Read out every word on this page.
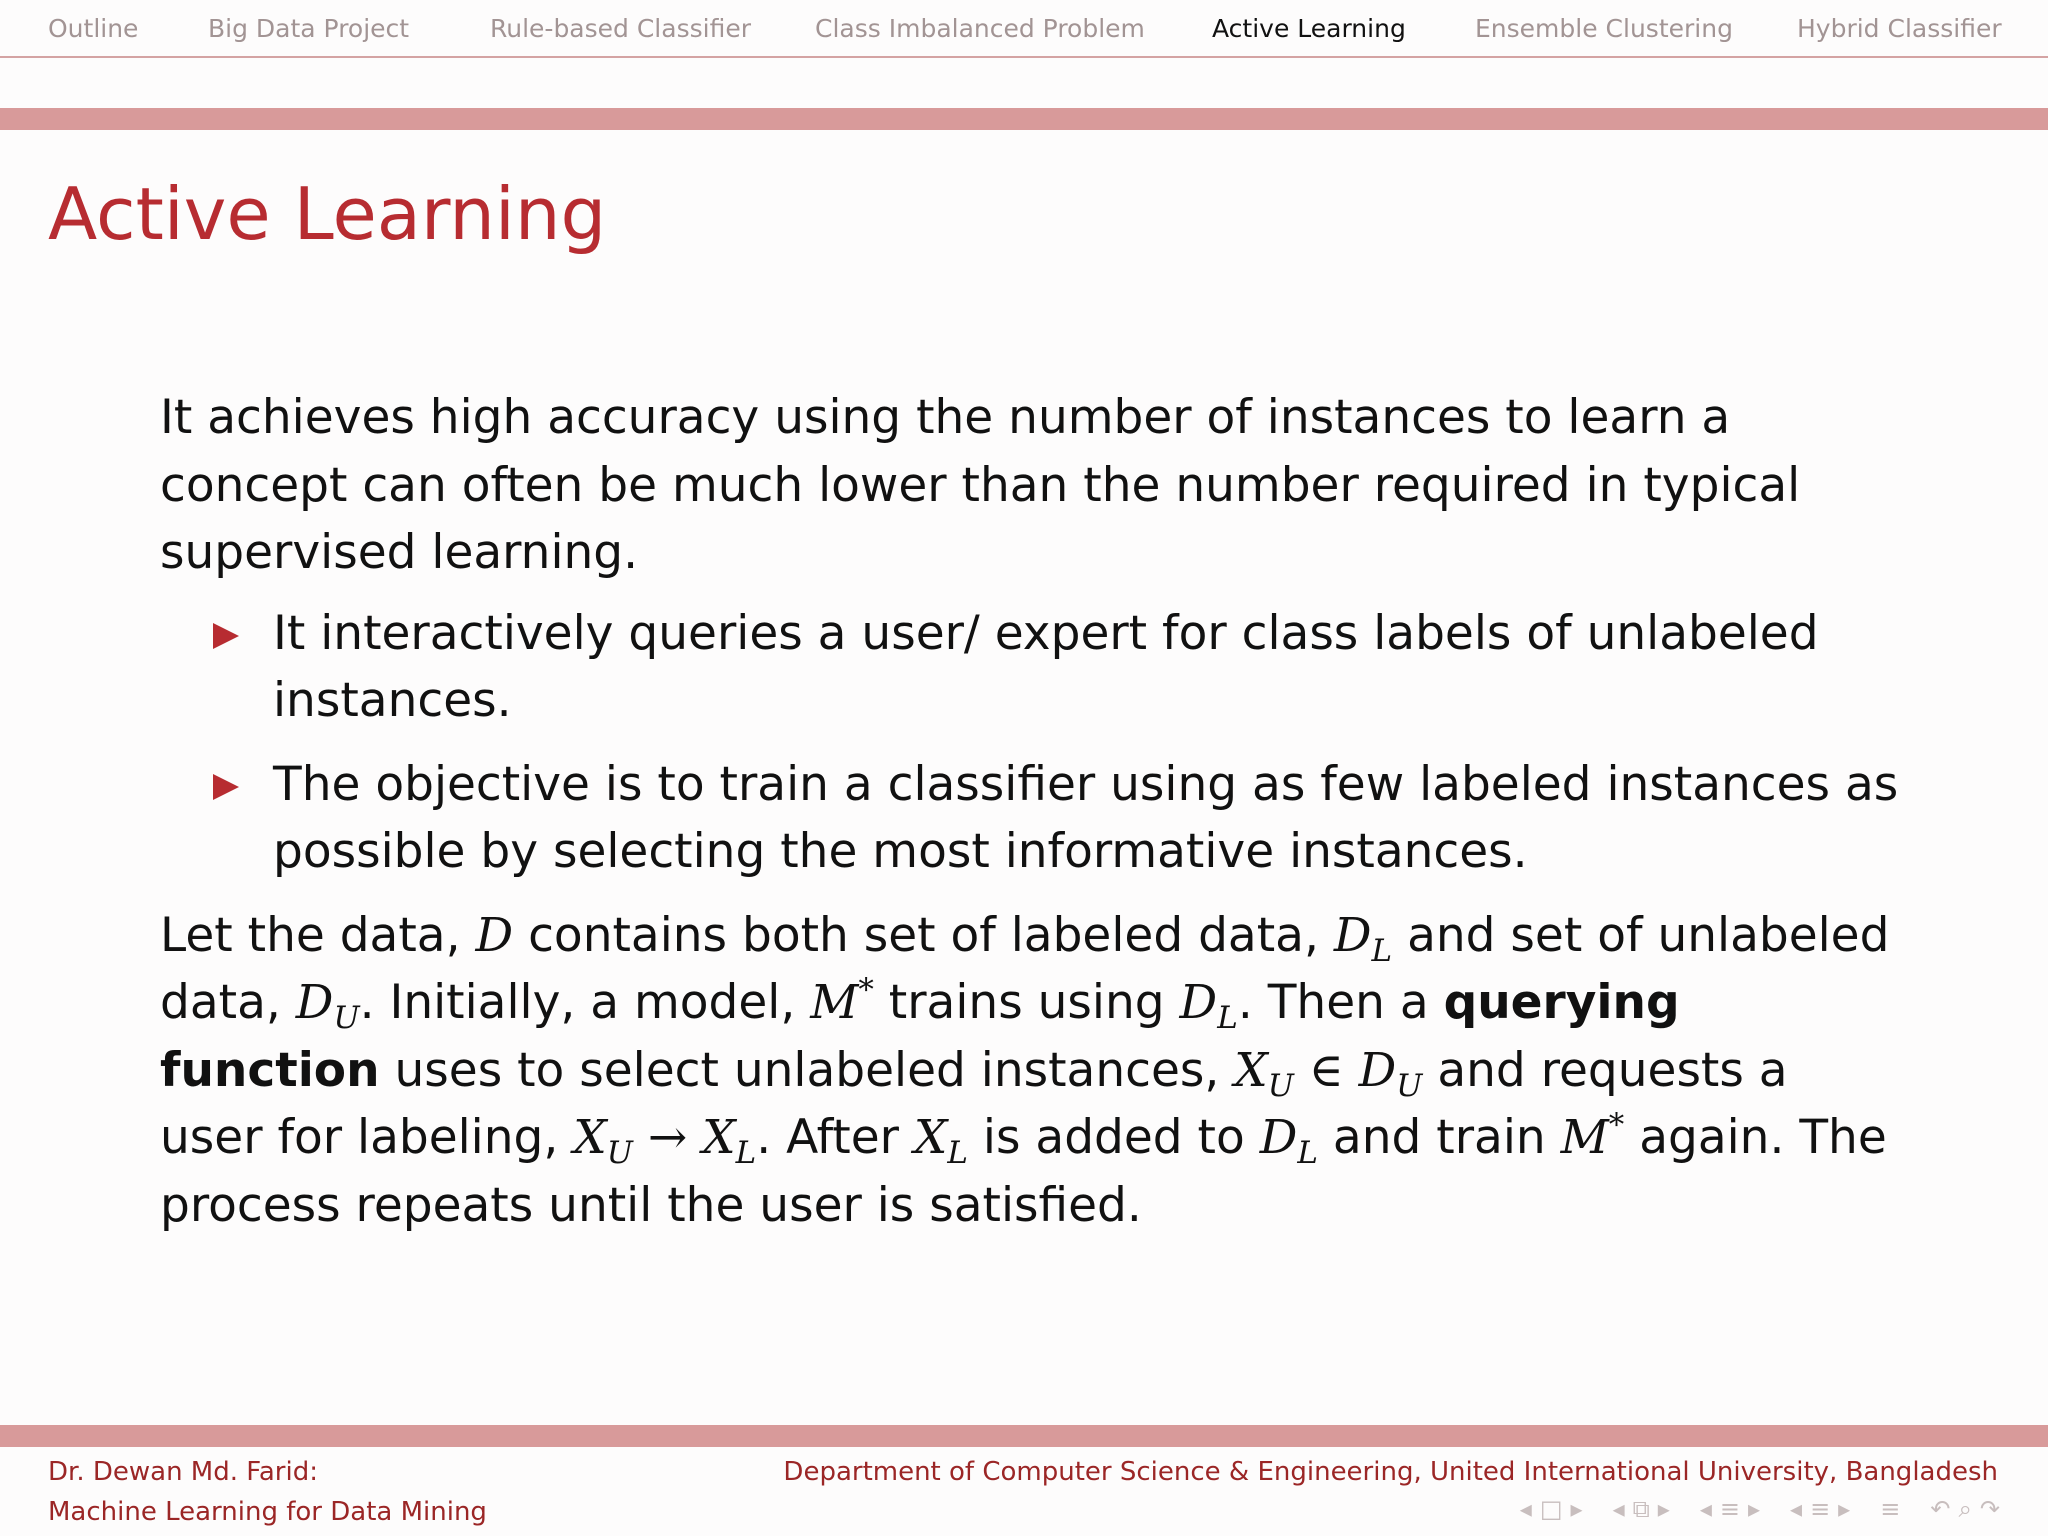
Outline	Big Data Project	Rule-based Classifier	Class Imbalanced Problem	Active Learning	Ensemble Clustering	Hybrid Classifier
Active Learning

It achieves high accuracy using the number of instances to learn a concept can often be much lower than the number required in typical supervised learning.

It interactively queries a user/ expert for class labels of unlabeled instances.
The objective is to train a classifier using as few labeled instances as possible by selecting the most informative instances.

Let the data, D contains both set of labeled data, $D_L$ and set of unlabeled data, $D_U$. Initially, a model, M* trains using $D_L$. Then a querying function uses to select unlabeled instances, $X_U$ ∈ $D_U$ and requests a user for labeling, $X_U \to X_L$. After $X_L$ is added to $D_L$ and train M* again. The process repeats until the user is satisfied.

Dr. Dewan Md. Farid:
Machine Learning for Data Mining
Department of Computer Science & Engineering, United International University, Bangladesh
◂ □ ▸ ◂ ⧉ ▸ ◂ ≡ ▸ ◂ ≡ ▸ ≡ ↶ ⌕ ↷
